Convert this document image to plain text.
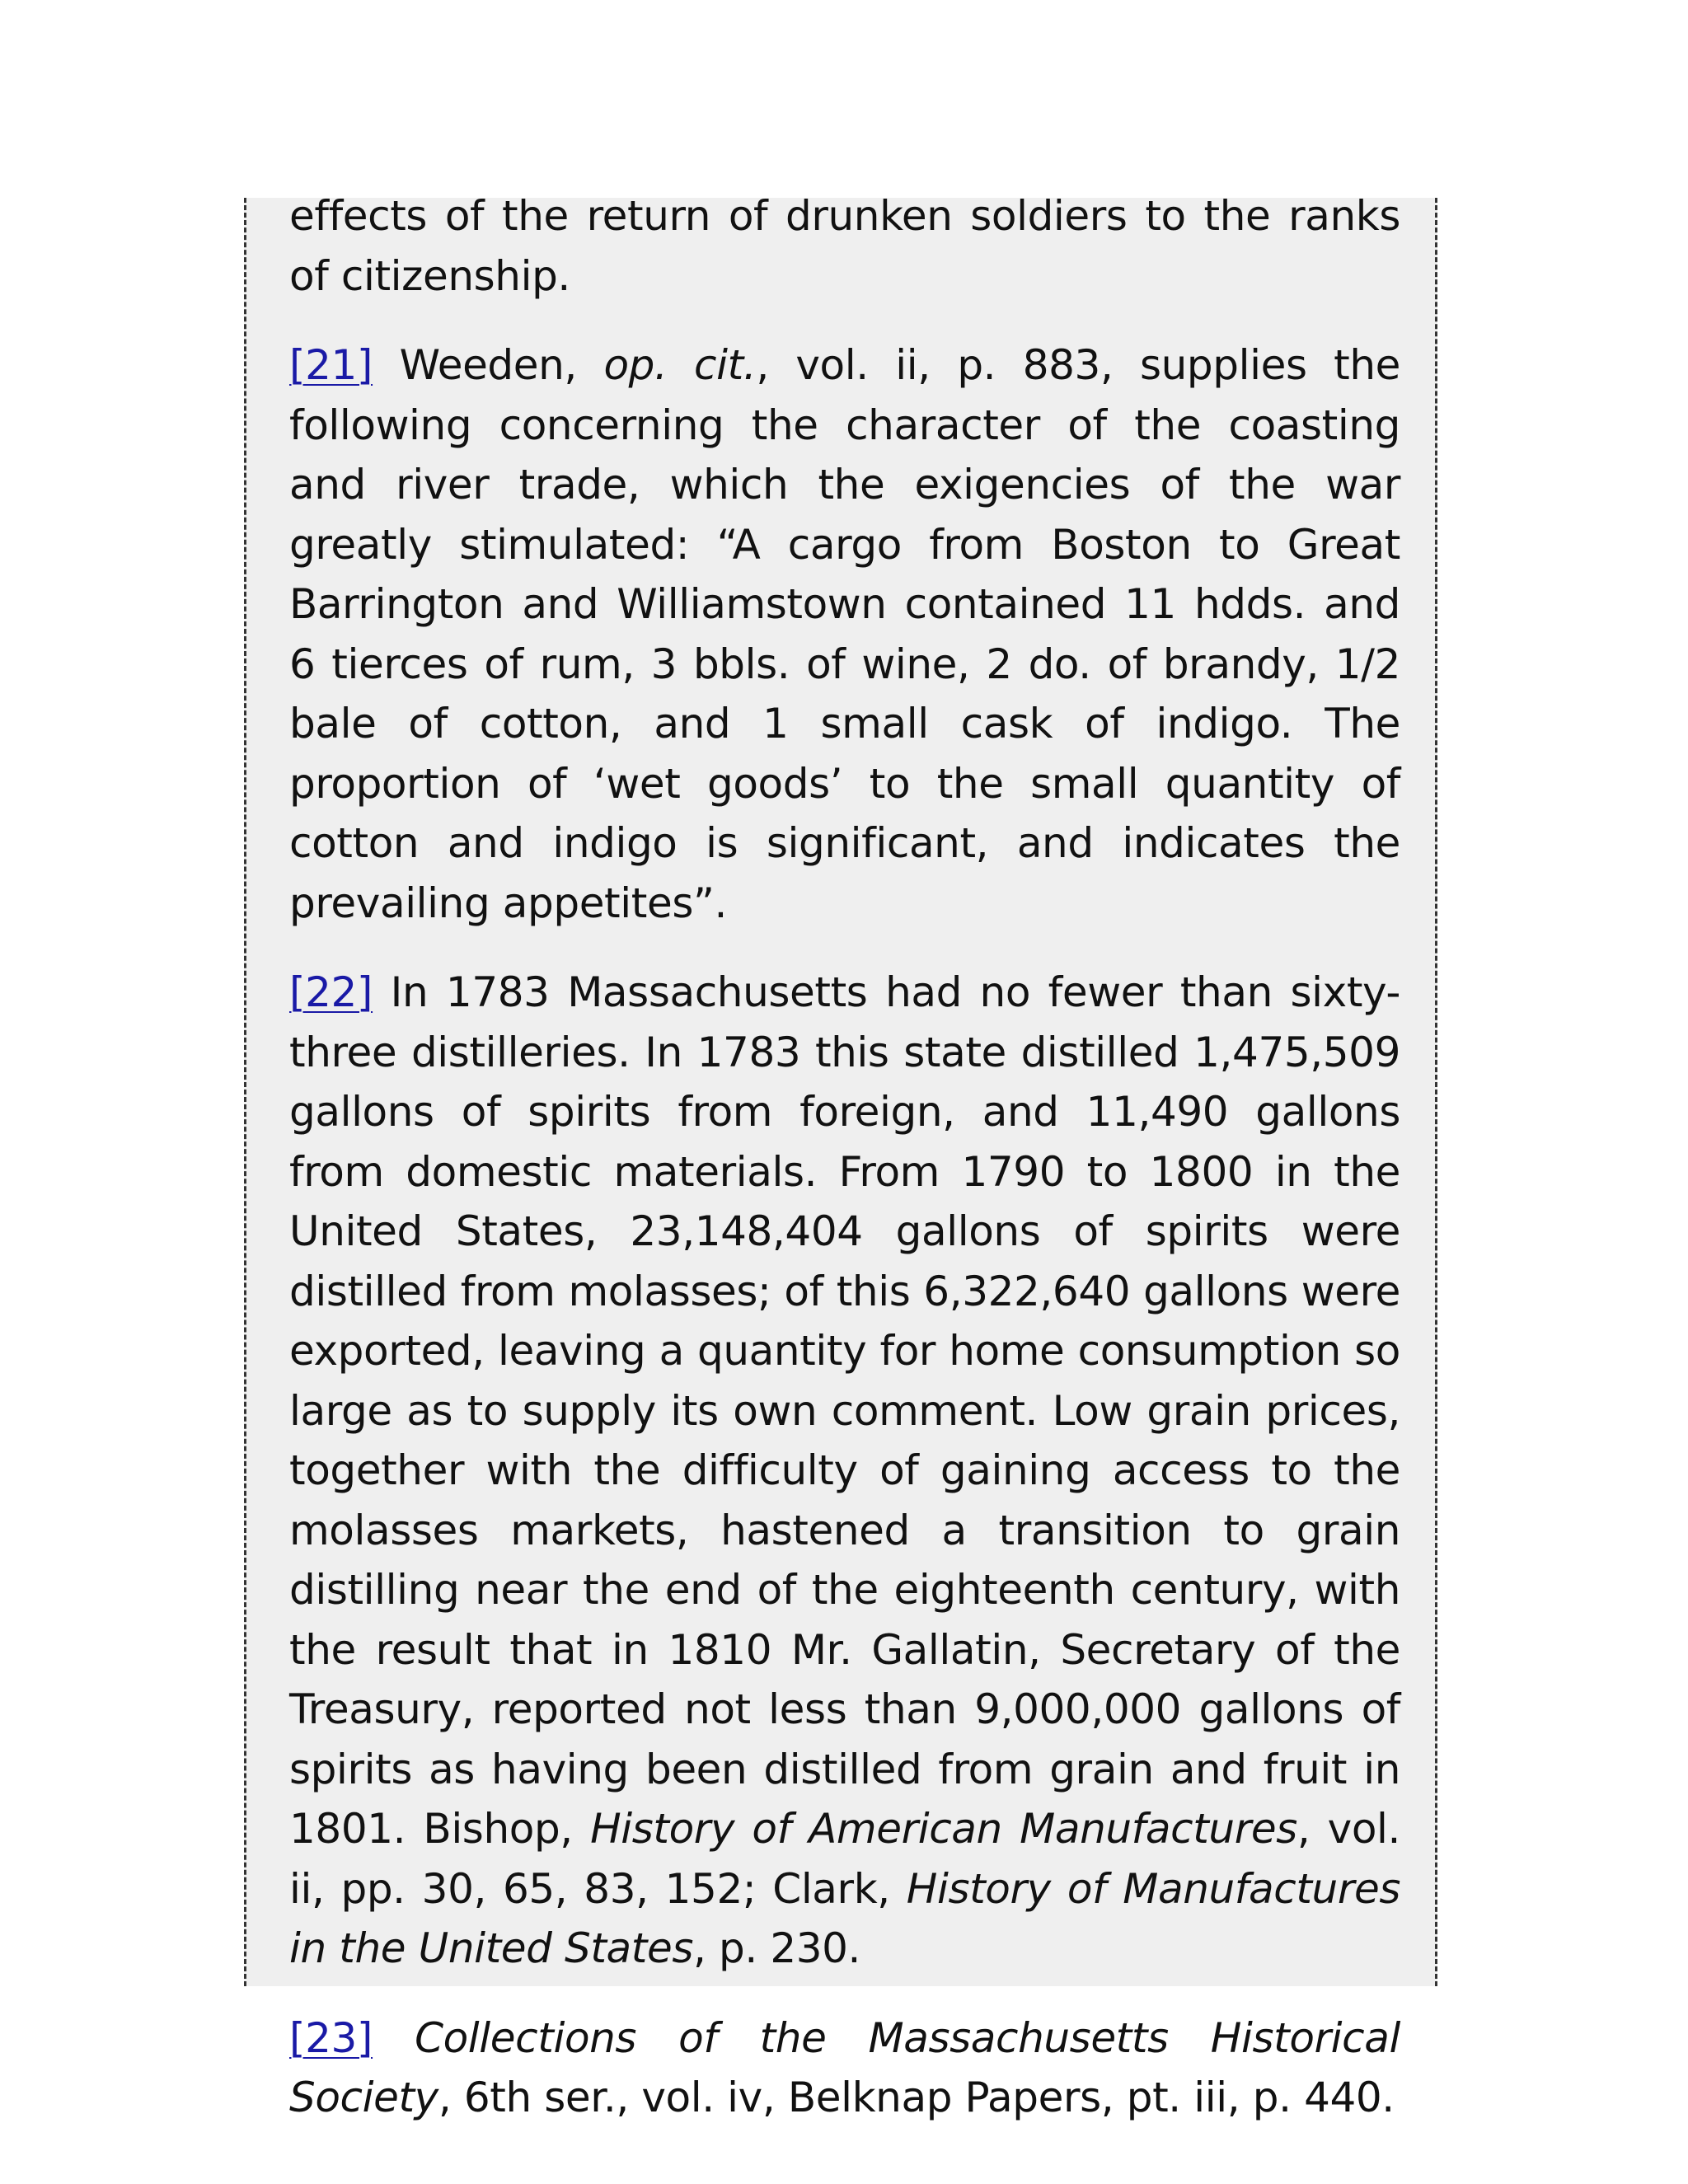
effects of the return of drunken soldiers to the ranks of citizenship.

[21] Weeden, op. cit., vol. ii, p. 883, supplies the following concerning the character of the coasting and river trade, which the exigencies of the war greatly stimulated: “A cargo from Boston to Great Barrington and Williamstown contained 11 hdds. and 6 tierces of rum, 3 bbls. of wine, 2 do. of brandy, 1/2 bale of cotton, and 1 small cask of indigo. The proportion of ‘wet goods’ to the small quantity of cotton and indigo is significant, and indicates the prevailing appetites”.

[22] In 1783 Massachusetts had no fewer than sixty-three distilleries. In 1783 this state distilled 1,475,509 gallons of spirits from foreign, and 11,490 gallons from domestic materials. From 1790 to 1800 in the United States, 23,148,404 gallons of spirits were distilled from molasses; of this 6,322,640 gallons were exported, leaving a quantity for home consumption so large as to supply its own comment. Low grain prices, together with the difficulty of gaining access to the molasses markets, hastened a transition to grain distilling near the end of the eighteenth century, with the result that in 1810 Mr. Gallatin, Secretary of the Treasury, reported not less than 9,000,000 gallons of spirits as having been distilled from grain and fruit in 1801. Bishop, History of American Manufactures, vol. ii, pp. 30, 65, 83, 152; Clark, History of Manufactures in the United States, p. 230.

[23] Collections of the Massachusetts Historical Society, 6th ser., vol. iv, Belknap Papers, pt. iii, p. 440.
